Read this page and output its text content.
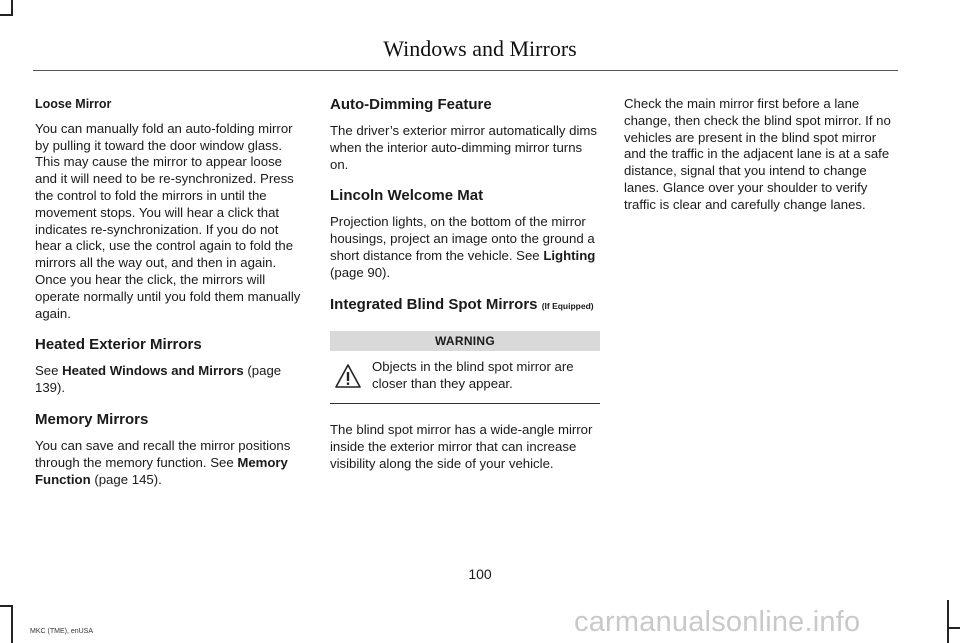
Windows and Mirrors
Loose Mirror

You can manually fold an auto-folding mirror by pulling it toward the door window glass. This may cause the mirror to appear loose and it will need to be re-synchronized. Press the control to fold the mirrors in until the movement stops. You will hear a click that indicates re-synchronization. If you do not hear a click, use the control again to fold the mirrors all the way out, and then in again. Once you hear the click, the mirrors will operate normally until you fold them manually again.

Heated Exterior Mirrors

See Heated Windows and Mirrors (page 139).

Memory Mirrors

You can save and recall the mirror positions through the memory function. See Memory Function (page 145).

Auto-Dimming Feature

The driver’s exterior mirror automatically dims when the interior auto-dimming mirror turns on.

Lincoln Welcome Mat

Projection lights, on the bottom of the mirror housings, project an image onto the ground a short distance from the vehicle. See Lighting (page 90).

Integrated Blind Spot Mirrors (If Equipped)
WARNING
Objects in the blind spot mirror are closer than they appear.

The blind spot mirror has a wide-angle mirror inside the exterior mirror that can increase visibility along the side of your vehicle.

Check the main mirror first before a lane change, then check the blind spot mirror. If no vehicles are present in the blind spot mirror and the traffic in the adjacent lane is at a safe distance, signal that you intend to change lanes. Glance over your shoulder to verify traffic is clear and carefully change lanes.

100
MKC (TME), enUSA	carmanualsonline.info
